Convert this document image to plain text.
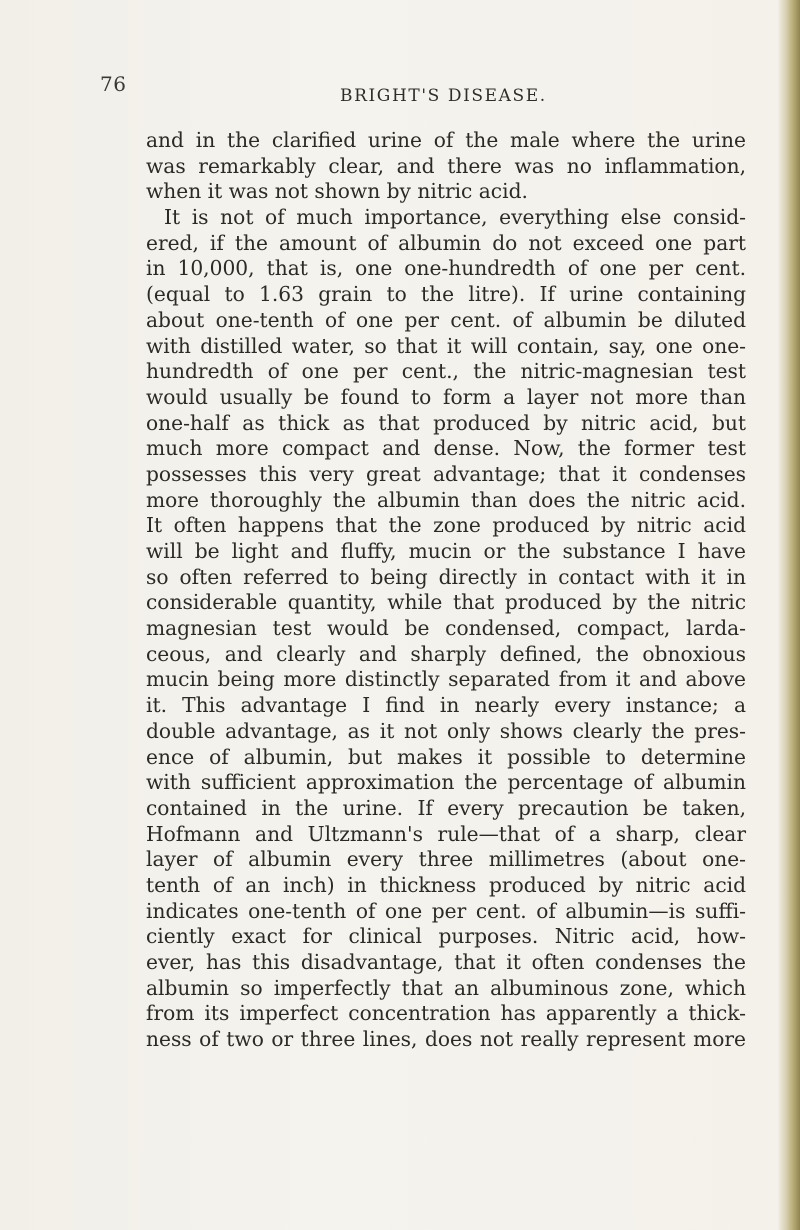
76	BRIGHT'S DISEASE.
and in the clarified urine of the male where the urine
was remarkably clear, and there was no inflammation,
when it was not shown by nitric acid.
It is not of much importance, everything else consid-
ered, if the amount of albumin do not exceed one part
in 10,000, that is, one one-hundredth of one per cent.
(equal to 1.63 grain to the litre). If urine containing
about one-tenth of one per cent. of albumin be diluted
with distilled water, so that it will contain, say, one one-
hundredth of one per cent., the nitric-magnesian test
would usually be found to form a layer not more than
one-half as thick as that produced by nitric acid, but
much more compact and dense. Now, the former test
possesses this very great advantage; that it condenses
more thoroughly the albumin than does the nitric acid.
It often happens that the zone produced by nitric acid
will be light and fluffy, mucin or the substance I have
so often referred to being directly in contact with it in
considerable quantity, while that produced by the nitric
magnesian test would be condensed, compact, larda-
ceous, and clearly and sharply defined, the obnoxious
mucin being more distinctly separated from it and above
it. This advantage I find in nearly every instance; a
double advantage, as it not only shows clearly the pres-
ence of albumin, but makes it possible to determine
with sufficient approximation the percentage of albumin
contained in the urine. If every precaution be taken,
Hofmann and Ultzmann's rule—that of a sharp, clear
layer of albumin every three millimetres (about one-
tenth of an inch) in thickness produced by nitric acid
indicates one-tenth of one per cent. of albumin—is suffi-
ciently exact for clinical purposes. Nitric acid, how-
ever, has this disadvantage, that it often condenses the
albumin so imperfectly that an albuminous zone, which
from its imperfect concentration has apparently a thick-
ness of two or three lines, does not really represent more
